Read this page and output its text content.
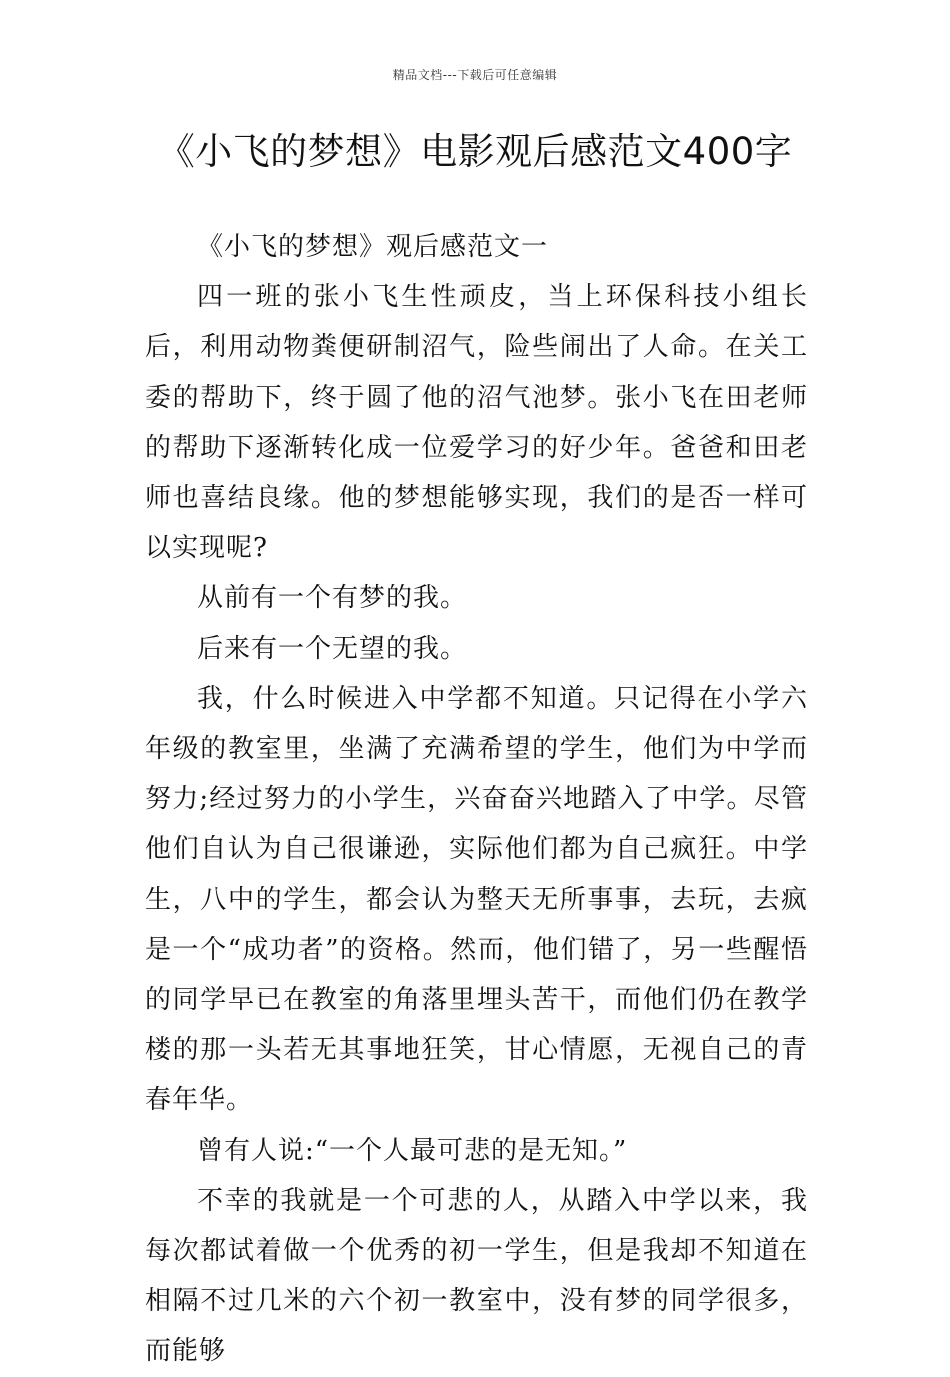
精品文档---下载后可任意编辑
《小飞的梦想》电影观后感范文400字

《小飞的梦想》观后感范文一

四一班的张小飞生性顽皮，当上环保科技小组长后，利用动物粪便研制沼气，险些闹出了人命。在关工委的帮助下，终于圆了他的沼气池梦。张小飞在田老师的帮助下逐渐转化成一位爱学习的好少年。爸爸和田老师也喜结良缘。他的梦想能够实现，我们的是否一样可以实现呢?

从前有一个有梦的我。

后来有一个无望的我。

我，什么时候进入中学都不知道。只记得在小学六年级的教室里，坐满了充满希望的学生，他们为中学而努力;经过努力的小学生，兴奋奋兴地踏入了中学。尽管他们自认为自己很谦逊，实际他们都为自己疯狂。中学生，八中的学生，都会认为整天无所事事，去玩，去疯是一个“成功者”的资格。然而，他们错了，另一些醒悟的同学早已在教室的角落里埋头苦干，而他们仍在教学楼的那一头若无其事地狂笑，甘心情愿，无视自己的青春年华。

曾有人说:“一个人最可悲的是无知。”

不幸的我就是一个可悲的人，从踏入中学以来，我每次都试着做一个优秀的初一学生，但是我却不知道在相隔不过几米的六个初一教室中，没有梦的同学很多，而能够
